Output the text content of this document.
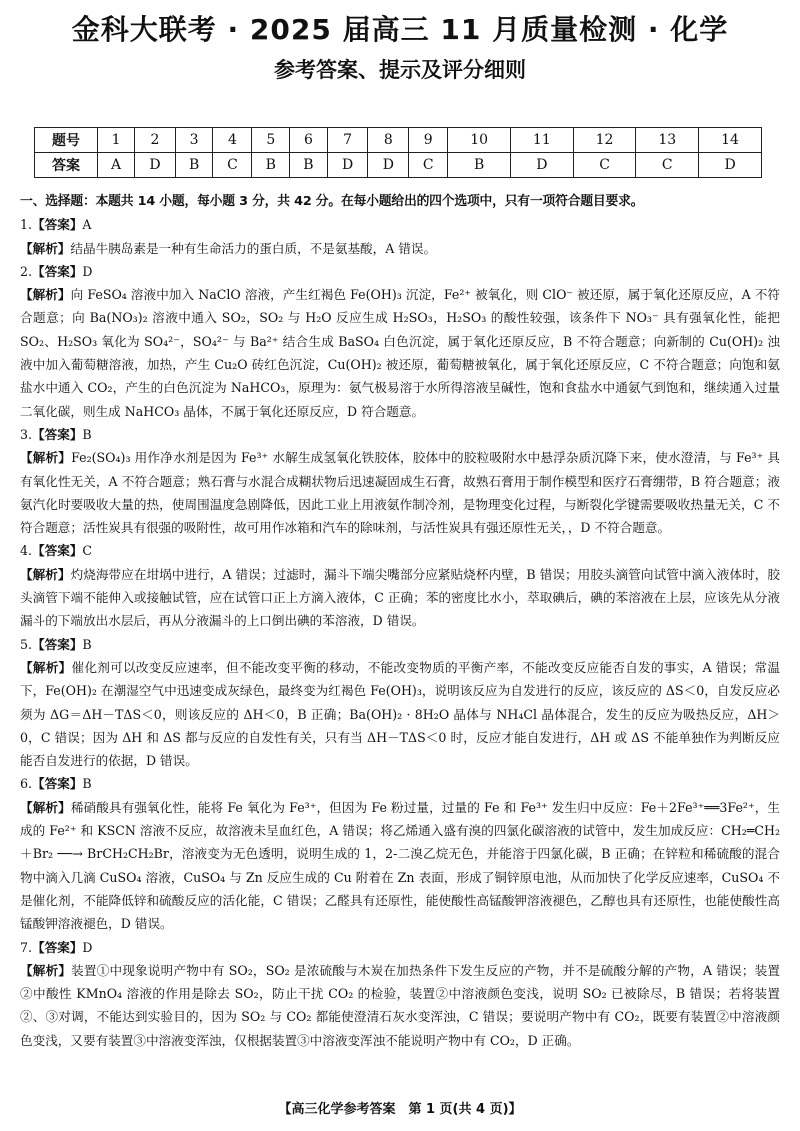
金科大联考 · 2025 届高三 11 月质量检测 · 化学
参考答案、提示及评分细则
题号	1	2	3	4	5	6	7	8	9	10	11	12	13	14
答案	A	D	B	C	B	B	D	D	C	B	D	C	C	D

一、选择题：本题共 14 小题，每小题 3 分，共 42 分。在每小题给出的四个选项中，只有一项符合题目要求。

1.【答案】A

【解析】结晶牛胰岛素是一种有生命活力的蛋白质，不是氨基酸，A 错误。

2.【答案】D

【解析】向 FeSO₄ 溶液中加入 NaClO 溶液，产生红褐色 Fe(OH)₃ 沉淀，Fe²⁺ 被氧化，则 ClO⁻ 被还原，属于氧化还原反应，A 不符合题意；向 Ba(NO₃)₂ 溶液中通入 SO₂，SO₂ 与 H₂O 反应生成 H₂SO₃，H₂SO₃ 的酸性较强，该条件下 NO₃⁻ 具有强氧化性，能把 SO₂、H₂SO₃ 氧化为 SO₄²⁻，SO₄²⁻ 与 Ba²⁺ 结合生成 BaSO₄ 白色沉淀，属于氧化还原反应，B 不符合题意；向新制的 Cu(OH)₂ 浊液中加入葡萄糖溶液，加热，产生 Cu₂O 砖红色沉淀，Cu(OH)₂ 被还原，葡萄糖被氧化，属于氧化还原反应，C 不符合题意；向饱和氨盐水中通入 CO₂，产生的白色沉淀为 NaHCO₃，原理为：氨气极易溶于水所得溶液呈碱性，饱和食盐水中通氨气到饱和，继续通入过量二氧化碳，则生成 NaHCO₃ 晶体，不属于氧化还原反应，D 符合题意。

3.【答案】B

【解析】Fe₂(SO₄)₃ 用作净水剂是因为 Fe³⁺ 水解生成氢氧化铁胶体，胶体中的胶粒吸附水中悬浮杂质沉降下来，使水澄清，与 Fe³⁺ 具有氧化性无关，A 不符合题意；熟石膏与水混合成糊状物后迅速凝固成生石膏，故熟石膏用于制作模型和医疗石膏绷带，B 符合题意；液氨汽化时要吸收大量的热，使周围温度急剧降低，因此工业上用液氨作制冷剂，是物理变化过程，与断裂化学键需要吸收热量无关，C 不符合题意；活性炭具有很强的吸附性，故可用作冰箱和汽车的除味剂，与活性炭具有强还原性无关，，D 不符合题意。

4.【答案】C

【解析】灼烧海带应在坩埚中进行，A 错误；过滤时，漏斗下端尖嘴部分应紧贴烧杯内壁，B 错误；用胶头滴管向试管中滴入液体时，胶头滴管下端不能伸入或接触试管，应在试管口正上方滴入液体，C 正确；苯的密度比水小，萃取碘后，碘的苯溶液在上层，应该先从分液漏斗的下端放出水层后，再从分液漏斗的上口倒出碘的苯溶液，D 错误。

5.【答案】B

【解析】催化剂可以改变反应速率，但不能改变平衡的移动，不能改变物质的平衡产率，不能改变反应能否自发的事实，A 错误；常温下，Fe(OH)₂ 在潮湿空气中迅速变成灰绿色，最终变为红褐色 Fe(OH)₃，说明该反应为自发进行的反应，该反应的 ΔS＜0，自发反应必须为 ΔG＝ΔH－TΔS＜0，则该反应的 ΔH＜0，B 正确；Ba(OH)₂ · 8H₂O 晶体与 NH₄Cl 晶体混合，发生的反应为吸热反应，ΔH＞0，C 错误；因为 ΔH 和 ΔS 都与反应的自发性有关，只有当 ΔH－TΔS＜0 时，反应才能自发进行，ΔH 或 ΔS 不能单独作为判断反应能否自发进行的依据，D 错误。

6.【答案】B

【解析】稀硝酸具有强氧化性，能将 Fe 氧化为 Fe³⁺，但因为 Fe 粉过量，过量的 Fe 和 Fe³⁺ 发生归中反应：Fe＋2Fe³⁺══3Fe²⁺，生成的 Fe²⁺ 和 KSCN 溶液不反应，故溶液未呈血红色，A 错误；将乙烯通入盛有溴的四氯化碳溶液的试管中，发生加成反应：CH₂═CH₂ ＋Br₂ ──→ BrCH₂CH₂Br，溶液变为无色透明，说明生成的 1，2-二溴乙烷无色，并能溶于四氯化碳，B 正确；在锌粒和稀硫酸的混合物中滴入几滴 CuSO₄ 溶液，CuSO₄ 与 Zn 反应生成的 Cu 附着在 Zn 表面，形成了铜锌原电池，从而加快了化学反应速率，CuSO₄ 不是催化剂，不能降低锌和硫酸反应的活化能，C 错误；乙醛具有还原性，能使酸性高锰酸钾溶液褪色，乙醇也具有还原性，也能使酸性高锰酸钾溶液褪色，D 错误。

7.【答案】D

【解析】装置①中现象说明产物中有 SO₂，SO₂ 是浓硫酸与木炭在加热条件下发生反应的产物，并不是硫酸分解的产物，A 错误；装置②中酸性 KMnO₄ 溶液的作用是除去 SO₂，防止干扰 CO₂ 的检验，装置②中溶液颜色变浅，说明 SO₂ 已被除尽，B 错误；若将装置②、③对调，不能达到实验目的，因为 SO₂ 与 CO₂ 都能使澄清石灰水变浑浊，C 错误；要说明产物中有 CO₂，既要有装置②中溶液颜色变浅，又要有装置③中溶液变浑浊，仅根据装置③中溶液变浑浊不能说明产物中有 CO₂，D 正确。

【高三化学参考答案　第 1 页(共 4 页)】
